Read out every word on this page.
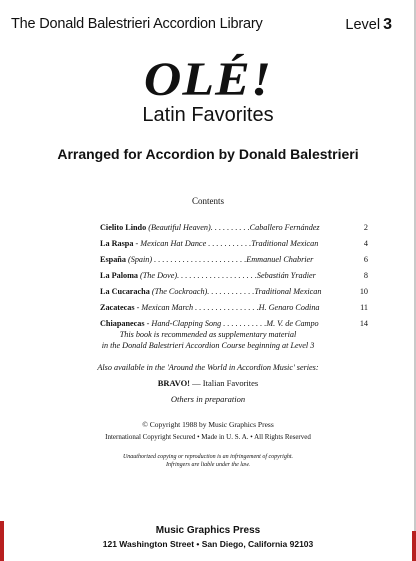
The Donald Balestrieri Accordion Library	Level 3
OLÉ!
Latin Favorites
Arranged for Accordion by Donald Balestrieri
Contents
Cielito Lindo (Beautiful Heaven). . . . . . . . . .Caballero Fernández	2
La Raspa - Mexican Hat Dance . . . . . . . . . . .Traditional Mexican	4
España (Spain) . . . . . . . . . . . . . . . . . . . . . . .Emmanuel Chabrier	6
La Paloma (The Dove). . . . . . . . . . . . . . . . . . . .Sebastián Yradier	8
La Cucaracha (The Cockroach). . . . . . . . . . . .Traditional Mexican	10
Zacatecas - Mexican March . . . . . . . . . . . . . . . .H. Genaro Codina	11
Chiapanecas - Hand-Clapping Song . . . . . . . . . . .M. V. de Campo	14
This book is recommended as supplementary material
in the Donald Balestrieri Accordion Course beginning at Level 3
Also available in the 'Around the World in Accordion Music' series:
BRAVO! — Italian Favorites
Others in preparation
© Copyright 1988 by Music Graphics Press
International Copyright Secured • Made in U. S. A. • All Rights Reserved
Unauthorized copying or reproduction is an infringement of copyright.
Infringers are liable under the law.
Music Graphics Press
121 Washington Street • San Diego, California 92103
